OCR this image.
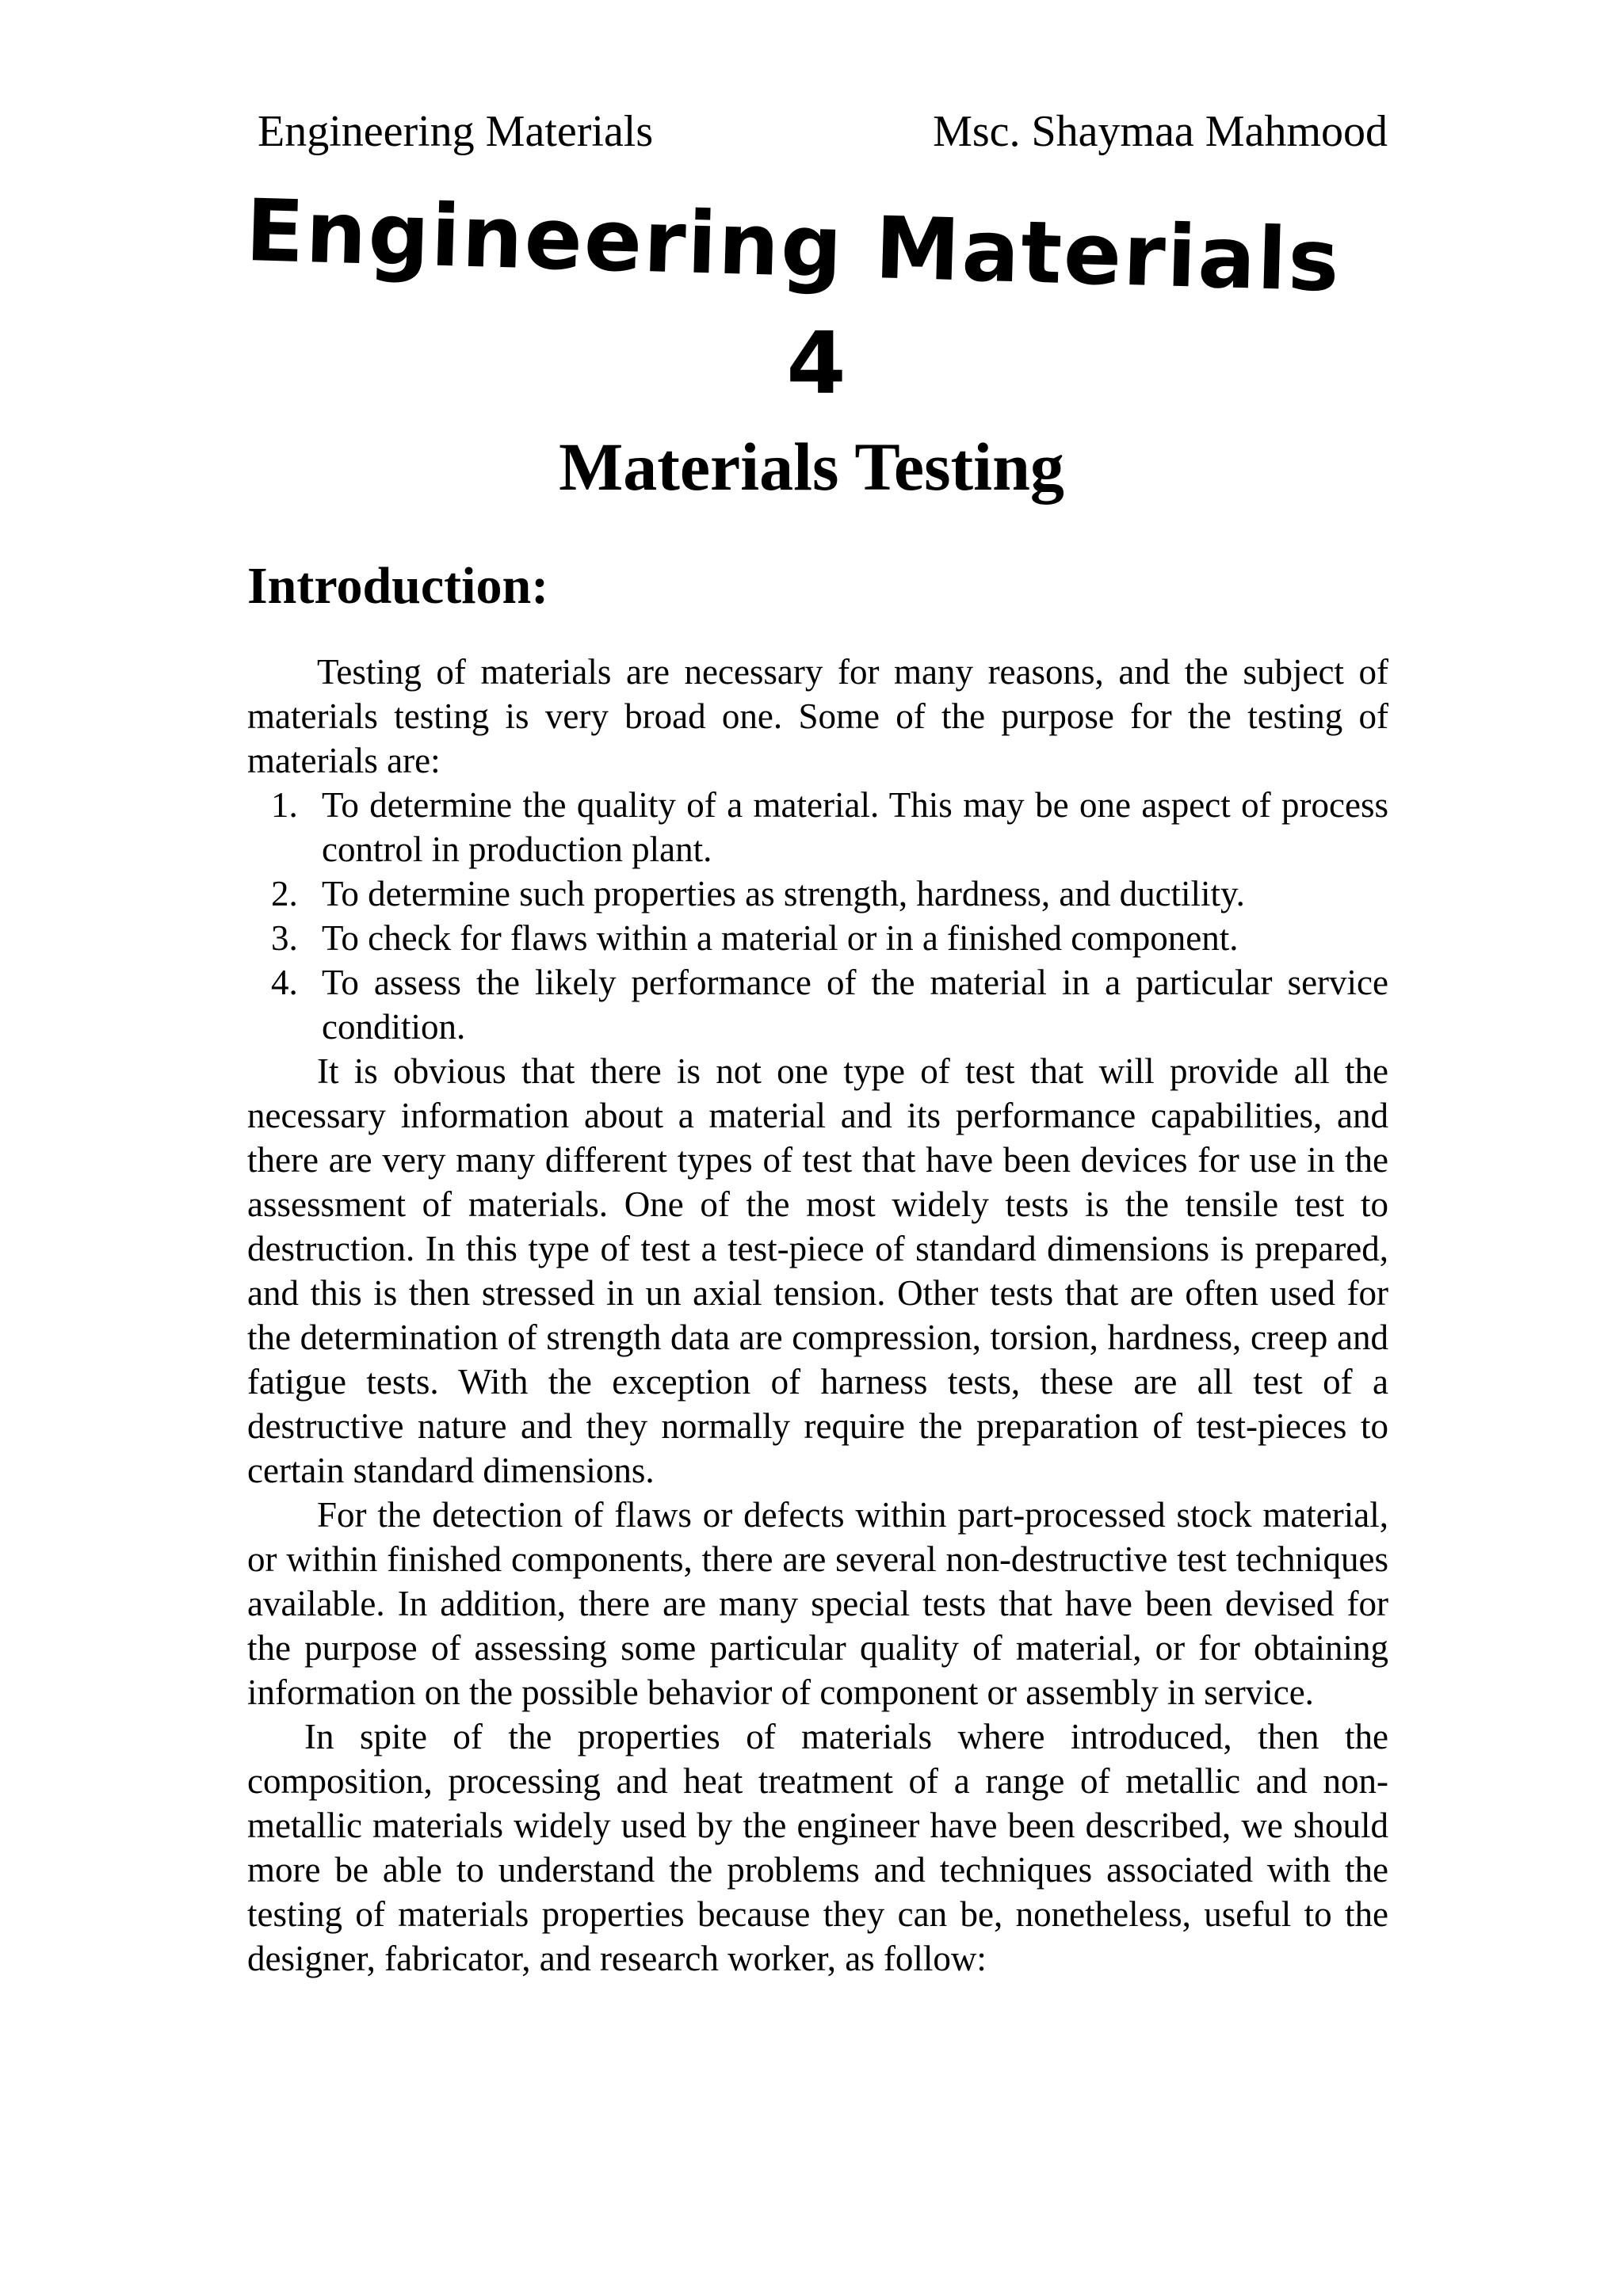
Engineering Materials	Msc. Shaymaa Mahmood
Engineering Materials
4
Materials Testing
Introduction:

Testing of materials are necessary for many reasons, and the subject of materials testing is very broad one. Some of the purpose for the testing of materials are:

1. To determine the quality of a material. This may be one aspect of process control in production plant.
2. To determine such properties as strength, hardness, and ductility.
3. To check for flaws within a material or in a finished component.
4. To assess the likely performance of the material in a particular service condition.

It is obvious that there is not one type of test that will provide all the necessary information about a material and its performance capabilities, and there are very many different types of test that have been devices for use in the assessment of materials. One of the most widely tests is the tensile test to destruction. In this type of test a test-piece of standard dimensions is prepared, and this is then stressed in un axial tension. Other tests that are often used for the determination of strength data are compression, torsion, hardness, creep and fatigue tests. With the exception of harness tests, these are all test of a destructive nature and they normally require the preparation of test-pieces to certain standard dimensions.

For the detection of flaws or defects within part-processed stock material, or within finished components, there are several non-destructive test techniques available. In addition, there are many special tests that have been devised for the purpose of assessing some particular quality of material, or for obtaining information on the possible behavior of component or assembly in service.

In spite of the properties of materials where introduced, then the composition, processing and heat treatment of a range of metallic and non-metallic materials widely used by the engineer have been described, we should more be able to understand the problems and techniques associated with the testing of materials properties because they can be, nonetheless, useful to the designer, fabricator, and research worker, as follow:
